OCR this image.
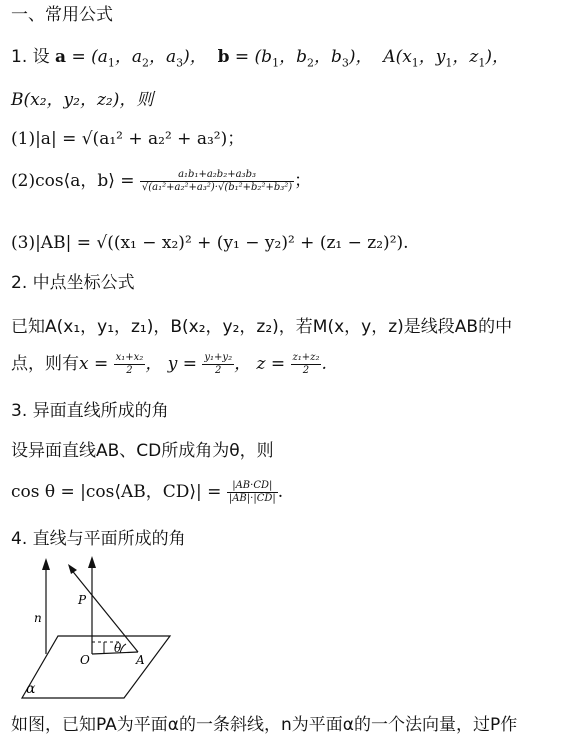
一、常用公式
1. 设 $a = (a_1$，$a_2$，$a_3$)，  $b = (b_1$，$b_2$，$b_3$)，  $A(x_1$，$y_1$，$z_1$)，
B(x₂，y₂，z₂)，则
(1)|a| = √(a₁² + a₂² + a₃²)；
(2)cos⟨a，b⟩ = $\frac{\text{a₁b₁+a₂b₂+a₃b₃}}{\text{√(a₁²+a₂²+a₃²)·√(b₁²+b₂²+b₃²)}}$ ；
(3)|AB| = √((x₁ − x₂)² + (y₁ − y₂)² + (z₁ − z₂)²).
2. 中点坐标公式
已知A(x₁，y₁，z₁)，B(x₂，y₂，z₂)，若M(x，y，z)是线段AB的中
点，则有$x = \frac{\text{x₁+x₂}}{2}$ ， $y = \frac{\text{y₁+y₂}}{2}$ ， $z = \frac{\text{z₁+z₂}}{2}$ .
3. 异面直线所成的角
设异面直线AB、CD所成角为θ，则
cos θ = |cos⟨AB，CD⟩| = $\frac{|AB\cdot CD|}{|AB|\cdot|CD|}$ .
4. 直线与平面所成的角
n
P
O
θ
A
α
如图，已知PA为平面α的一条斜线，n为平面α的一个法向量，过P作
